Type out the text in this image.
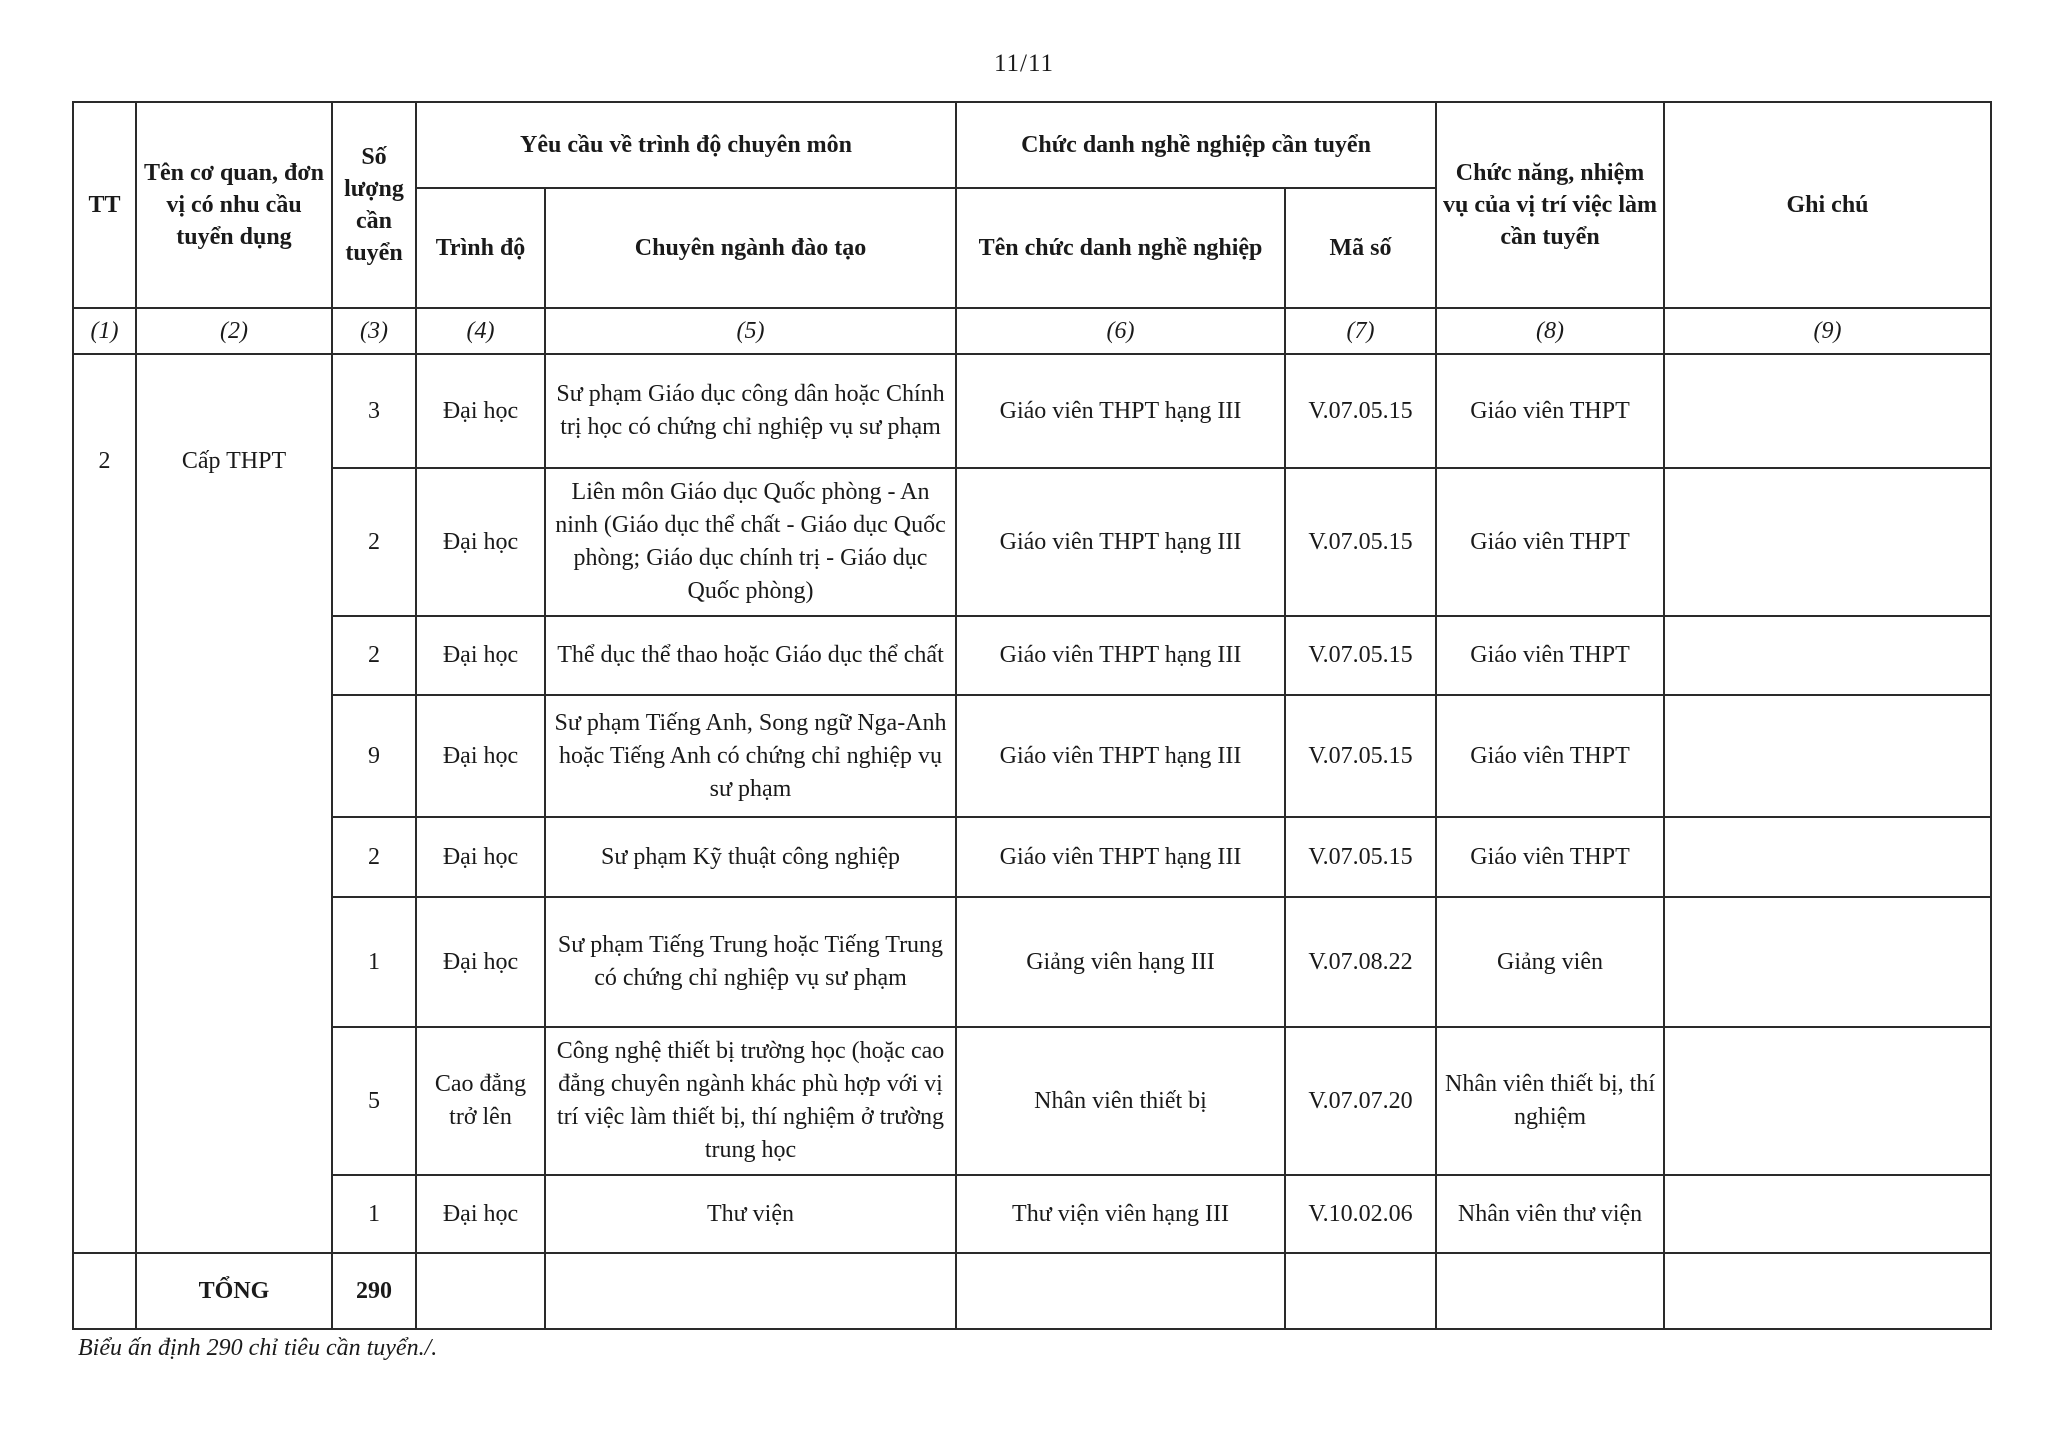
11/11
TT	Tên cơ quan, đơn vị có nhu cầu tuyển dụng	Số lượng cần tuyển	Yêu cầu về trình độ chuyên môn		Chức danh nghề nghiệp cần tuyển		Chức năng, nhiệm vụ của vị trí việc làm cần tuyển	Ghi chú
			Trình độ	Chuyên ngành đào tạo	Tên chức danh nghề nghiệp	Mã số		
(1)	(2)	(3)	(4)	(5)	(6)	(7)	(8)	(9)
2	Cấp THPT	3	Đại học	Sư phạm Giáo dục công dân hoặc Chính trị học có chứng chỉ nghiệp vụ sư phạm	Giáo viên THPT hạng III	V.07.05.15	Giáo viên THPT	
		2	Đại học	Liên môn Giáo dục Quốc phòng - An ninh (Giáo dục thể chất - Giáo dục Quốc phòng; Giáo dục chính trị - Giáo dục Quốc phòng)	Giáo viên THPT hạng III	V.07.05.15	Giáo viên THPT	
		2	Đại học	Thể dục thể thao hoặc Giáo dục thể chất	Giáo viên THPT hạng III	V.07.05.15	Giáo viên THPT	
		9	Đại học	Sư phạm Tiếng Anh, Song ngữ Nga-Anh hoặc Tiếng Anh có chứng chỉ nghiệp vụ sư phạm	Giáo viên THPT hạng III	V.07.05.15	Giáo viên THPT	
		2	Đại học	Sư phạm Kỹ thuật công nghiệp	Giáo viên THPT hạng III	V.07.05.15	Giáo viên THPT	
		1	Đại học	Sư phạm Tiếng Trung hoặc Tiếng Trung có chứng chỉ nghiệp vụ sư phạm	Giảng viên hạng III	V.07.08.22	Giảng viên	
		5	Cao đẳng trở lên	Công nghệ thiết bị trường học (hoặc cao đẳng chuyên ngành khác phù hợp với vị trí việc làm thiết bị, thí nghiệm ở trường trung học	Nhân viên thiết bị	V.07.07.20	Nhân viên thiết bị, thí nghiệm	
		1	Đại học	Thư viện	Thư viện viên hạng III	V.10.02.06	Nhân viên thư viện	
	TỔNG	290						
Biểu ấn định 290 chỉ tiêu cần tuyển./.
